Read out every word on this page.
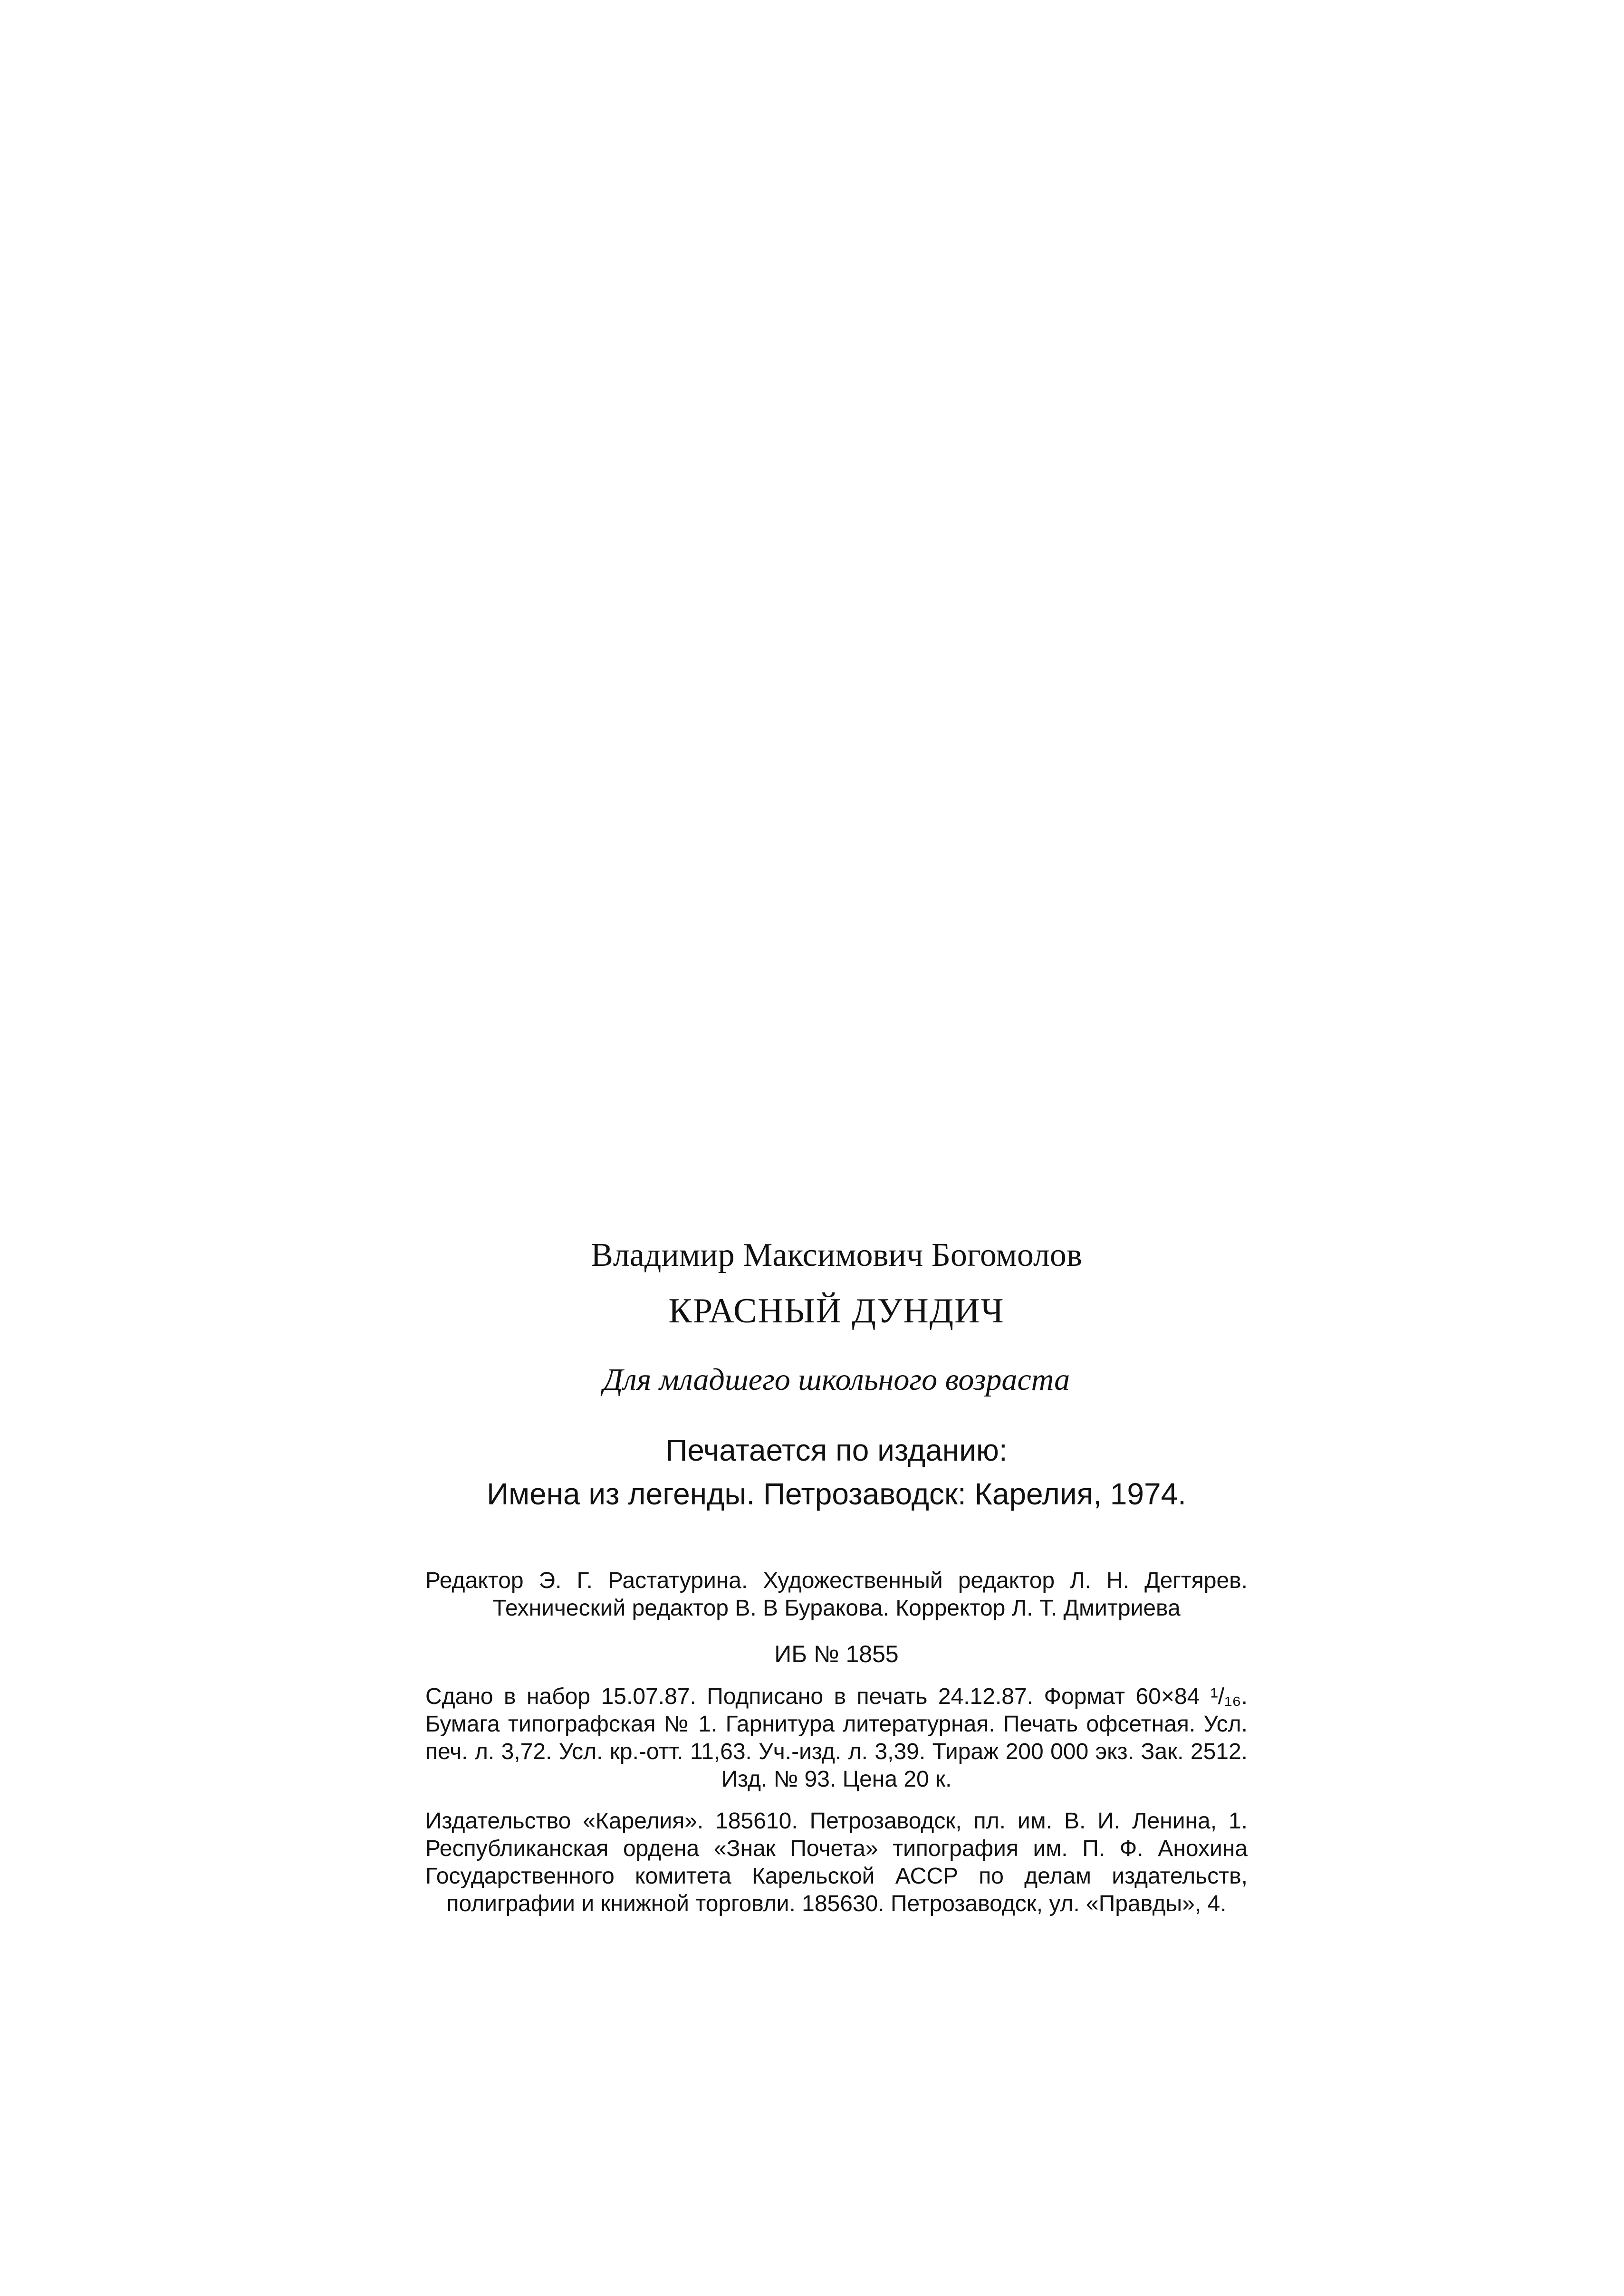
Владимир Максимович Богомолов

КРАСНЫЙ ДУНДИЧ

Для младшего школьного возраста

Печатается по изданию:
Имена из легенды. Петрозаводск: Карелия, 1974.

Редактор Э. Г. Растатурина. Художественный редактор Л. Н. Дегтярев. Технический редактор В. В Буракова. Корректор Л. Т. Дмитриева

ИБ № 1855

Сдано в набор 15.07.87. Подписано в печать 24.12.87. Формат 60×84 ¹/₁₆. Бумага типографская № 1. Гарнитура литературная. Печать офсетная. Усл. печ. л. 3,72. Усл. кр.-отт. 11,63. Уч.-изд. л. 3,39. Тираж 200 000 экз. Зак. 2512. Изд. № 93. Цена 20 к.

Издательство «Карелия». 185610. Петрозаводск, пл. им. В. И. Ленина, 1. Республиканская ордена «Знак Почета» типография им. П. Ф. Анохина Государственного комитета Карельской АССР по делам издательств, полиграфии и книжной торговли. 185630. Петрозаводск, ул. «Правды», 4.
